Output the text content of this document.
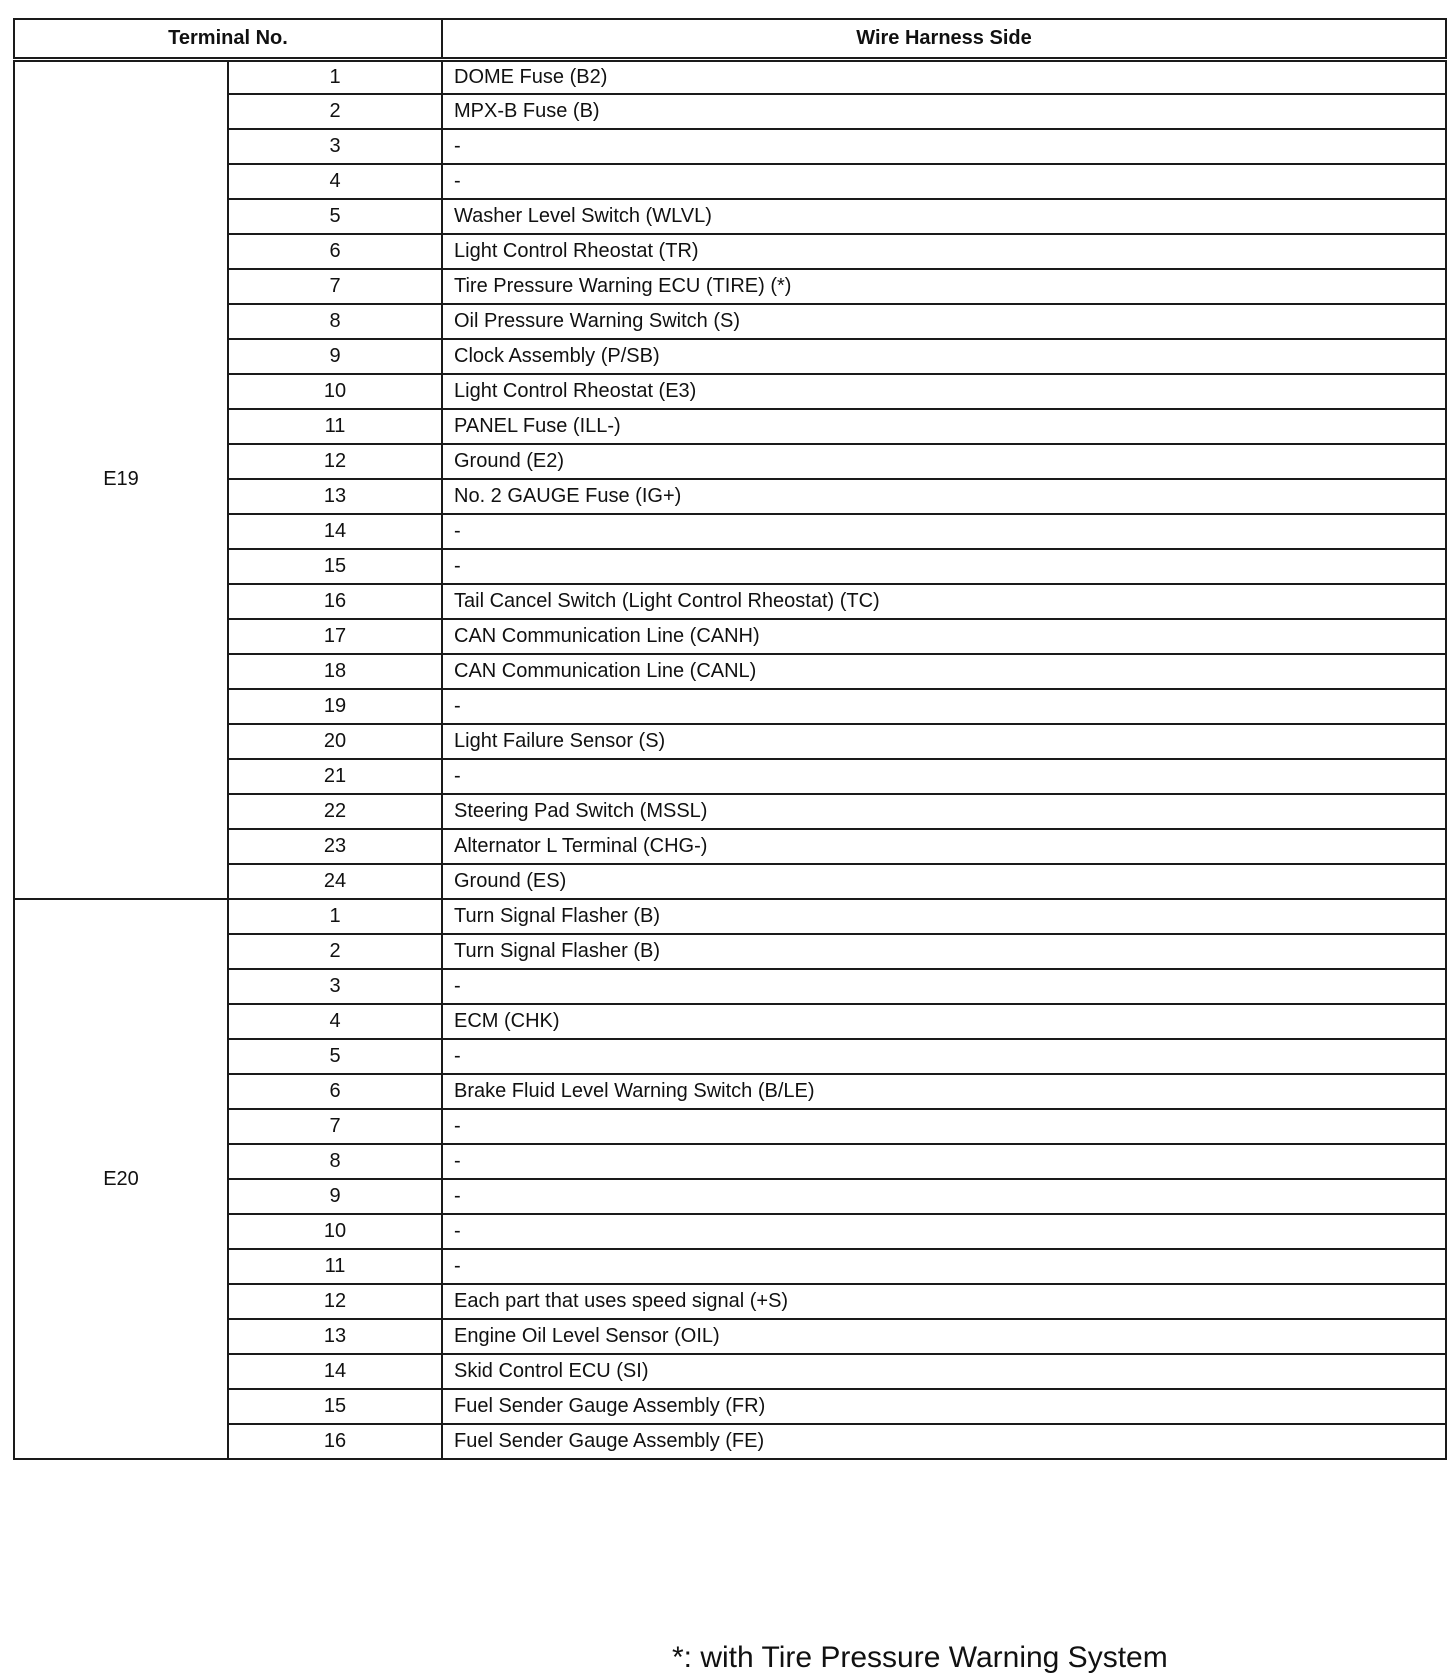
Terminal No.		Wire Harness Side
E19	1	DOME Fuse (B2)
	2	MPX-B Fuse (B)
	3	-
	4	-
	5	Washer Level Switch (WLVL)
	6	Light Control Rheostat (TR)
	7	Tire Pressure Warning ECU (TIRE) (*)
	8	Oil Pressure Warning Switch (S)
	9	Clock Assembly (P/SB)
	10	Light Control Rheostat (E3)
	11	PANEL Fuse (ILL-)
	12	Ground (E2)
	13	No. 2 GAUGE Fuse (IG+)
	14	-
	15	-
	16	Tail Cancel Switch (Light Control Rheostat) (TC)
	17	CAN Communication Line (CANH)
	18	CAN Communication Line (CANL)
	19	-
	20	Light Failure Sensor (S)
	21	-
	22	Steering Pad Switch (MSSL)
	23	Alternator L Terminal (CHG-)
	24	Ground (ES)
E20	1	Turn Signal Flasher (B)
	2	Turn Signal Flasher (B)
	3	-
	4	ECM (CHK)
	5	-
	6	Brake Fluid Level Warning Switch (B/LE)
	7	-
	8	-
	9	-
	10	-
	11	-
	12	Each part that uses speed signal (+S)
	13	Engine Oil Level Sensor (OIL)
	14	Skid Control ECU (SI)
	15	Fuel Sender Gauge Assembly (FR)
	16	Fuel Sender Gauge Assembly (FE)
*: with Tire Pressure Warning System
